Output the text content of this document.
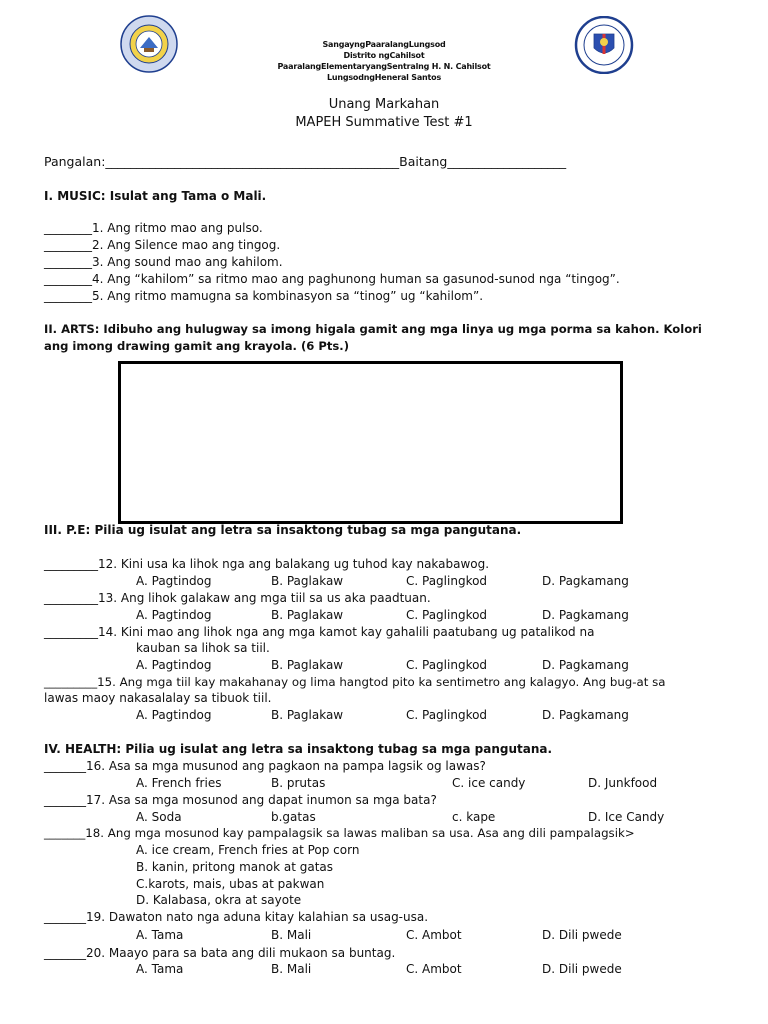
SangayngPaaralangLungsod
Distrito ngCahilsot
PaaralangElementaryangSentralng H. N. Cahilsot
LungsodngHeneral Santos
Unang Markahan
MAPEH Summative Test #1
Pangalan:_______________________________________________Baitang___________________
I. MUSIC: Isulat ang Tama o Mali.
________1. Ang ritmo mao ang pulso.
________2. Ang Silence mao ang tingog.
________3. Ang sound mao ang kahilom.
________4. Ang “kahilom” sa ritmo mao ang paghunong human sa gasunod-sunod nga “tingog”.
________5. Ang ritmo mamugna sa kombinasyon sa “tinog” ug “kahilom”.
II. ARTS: Idibuho ang hulugway sa imong higala gamit ang mga linya ug mga porma sa kahon. Kolori
ang imong drawing gamit ang krayola. (6 Pts.)
III. P.E: Pilia ug isulat ang letra sa insaktong tubag sa mga pangutana.
_________12. Kini usa ka lihok nga ang balakang ug tuhod kay nakabawog.
A. Pagtindog	B. Paglakaw	C. Paglingkod	D. Pagkamang
_________13. Ang lihok galakaw ang mga tiil sa us aka paadtuan.
A. Pagtindog	B. Paglakaw	C. Paglingkod	D. Pagkamang
_________14. Kini mao ang lihok nga ang mga kamot kay gahalili paatubang ug patalikod na
kauban sa lihok sa tiil.
A. Pagtindog	B. Paglakaw	C. Paglingkod	D. Pagkamang
_________15. Ang mga tiil kay makahanay og lima hangtod pito ka sentimetro ang kalagyo. Ang bug-at sa
lawas maoy nakasalalay sa tibuok tiil.
A. Pagtindog	B. Paglakaw	C. Paglingkod	D. Pagkamang
IV. HEALTH: Pilia ug isulat ang letra sa insaktong tubag sa mga pangutana.
_______16. Asa sa mga musunod ang pagkaon na pampa lagsik og lawas?
A. French fries	B. prutas	C. ice candy	D. Junkfood
_______17. Asa sa mga mosunod ang dapat inumon sa mga bata?
A. Soda	b.gatas	c. kape	D. Ice Candy
_______18. Ang mga mosunod kay pampalagsik sa lawas maliban sa usa. Asa ang dili pampalagsik>
A. ice cream, French fries at Pop corn
B. kanin, pritong manok at gatas
C.karots, mais, ubas at pakwan
D. Kalabasa, okra at sayote
_______19. Dawaton nato nga aduna kitay kalahian sa usag-usa.
A. Tama	B. Mali	C. Ambot	D. Dili pwede
_______20. Maayo para sa bata ang dili mukaon sa buntag.
A. Tama	B. Mali	C. Ambot	D. Dili pwede
